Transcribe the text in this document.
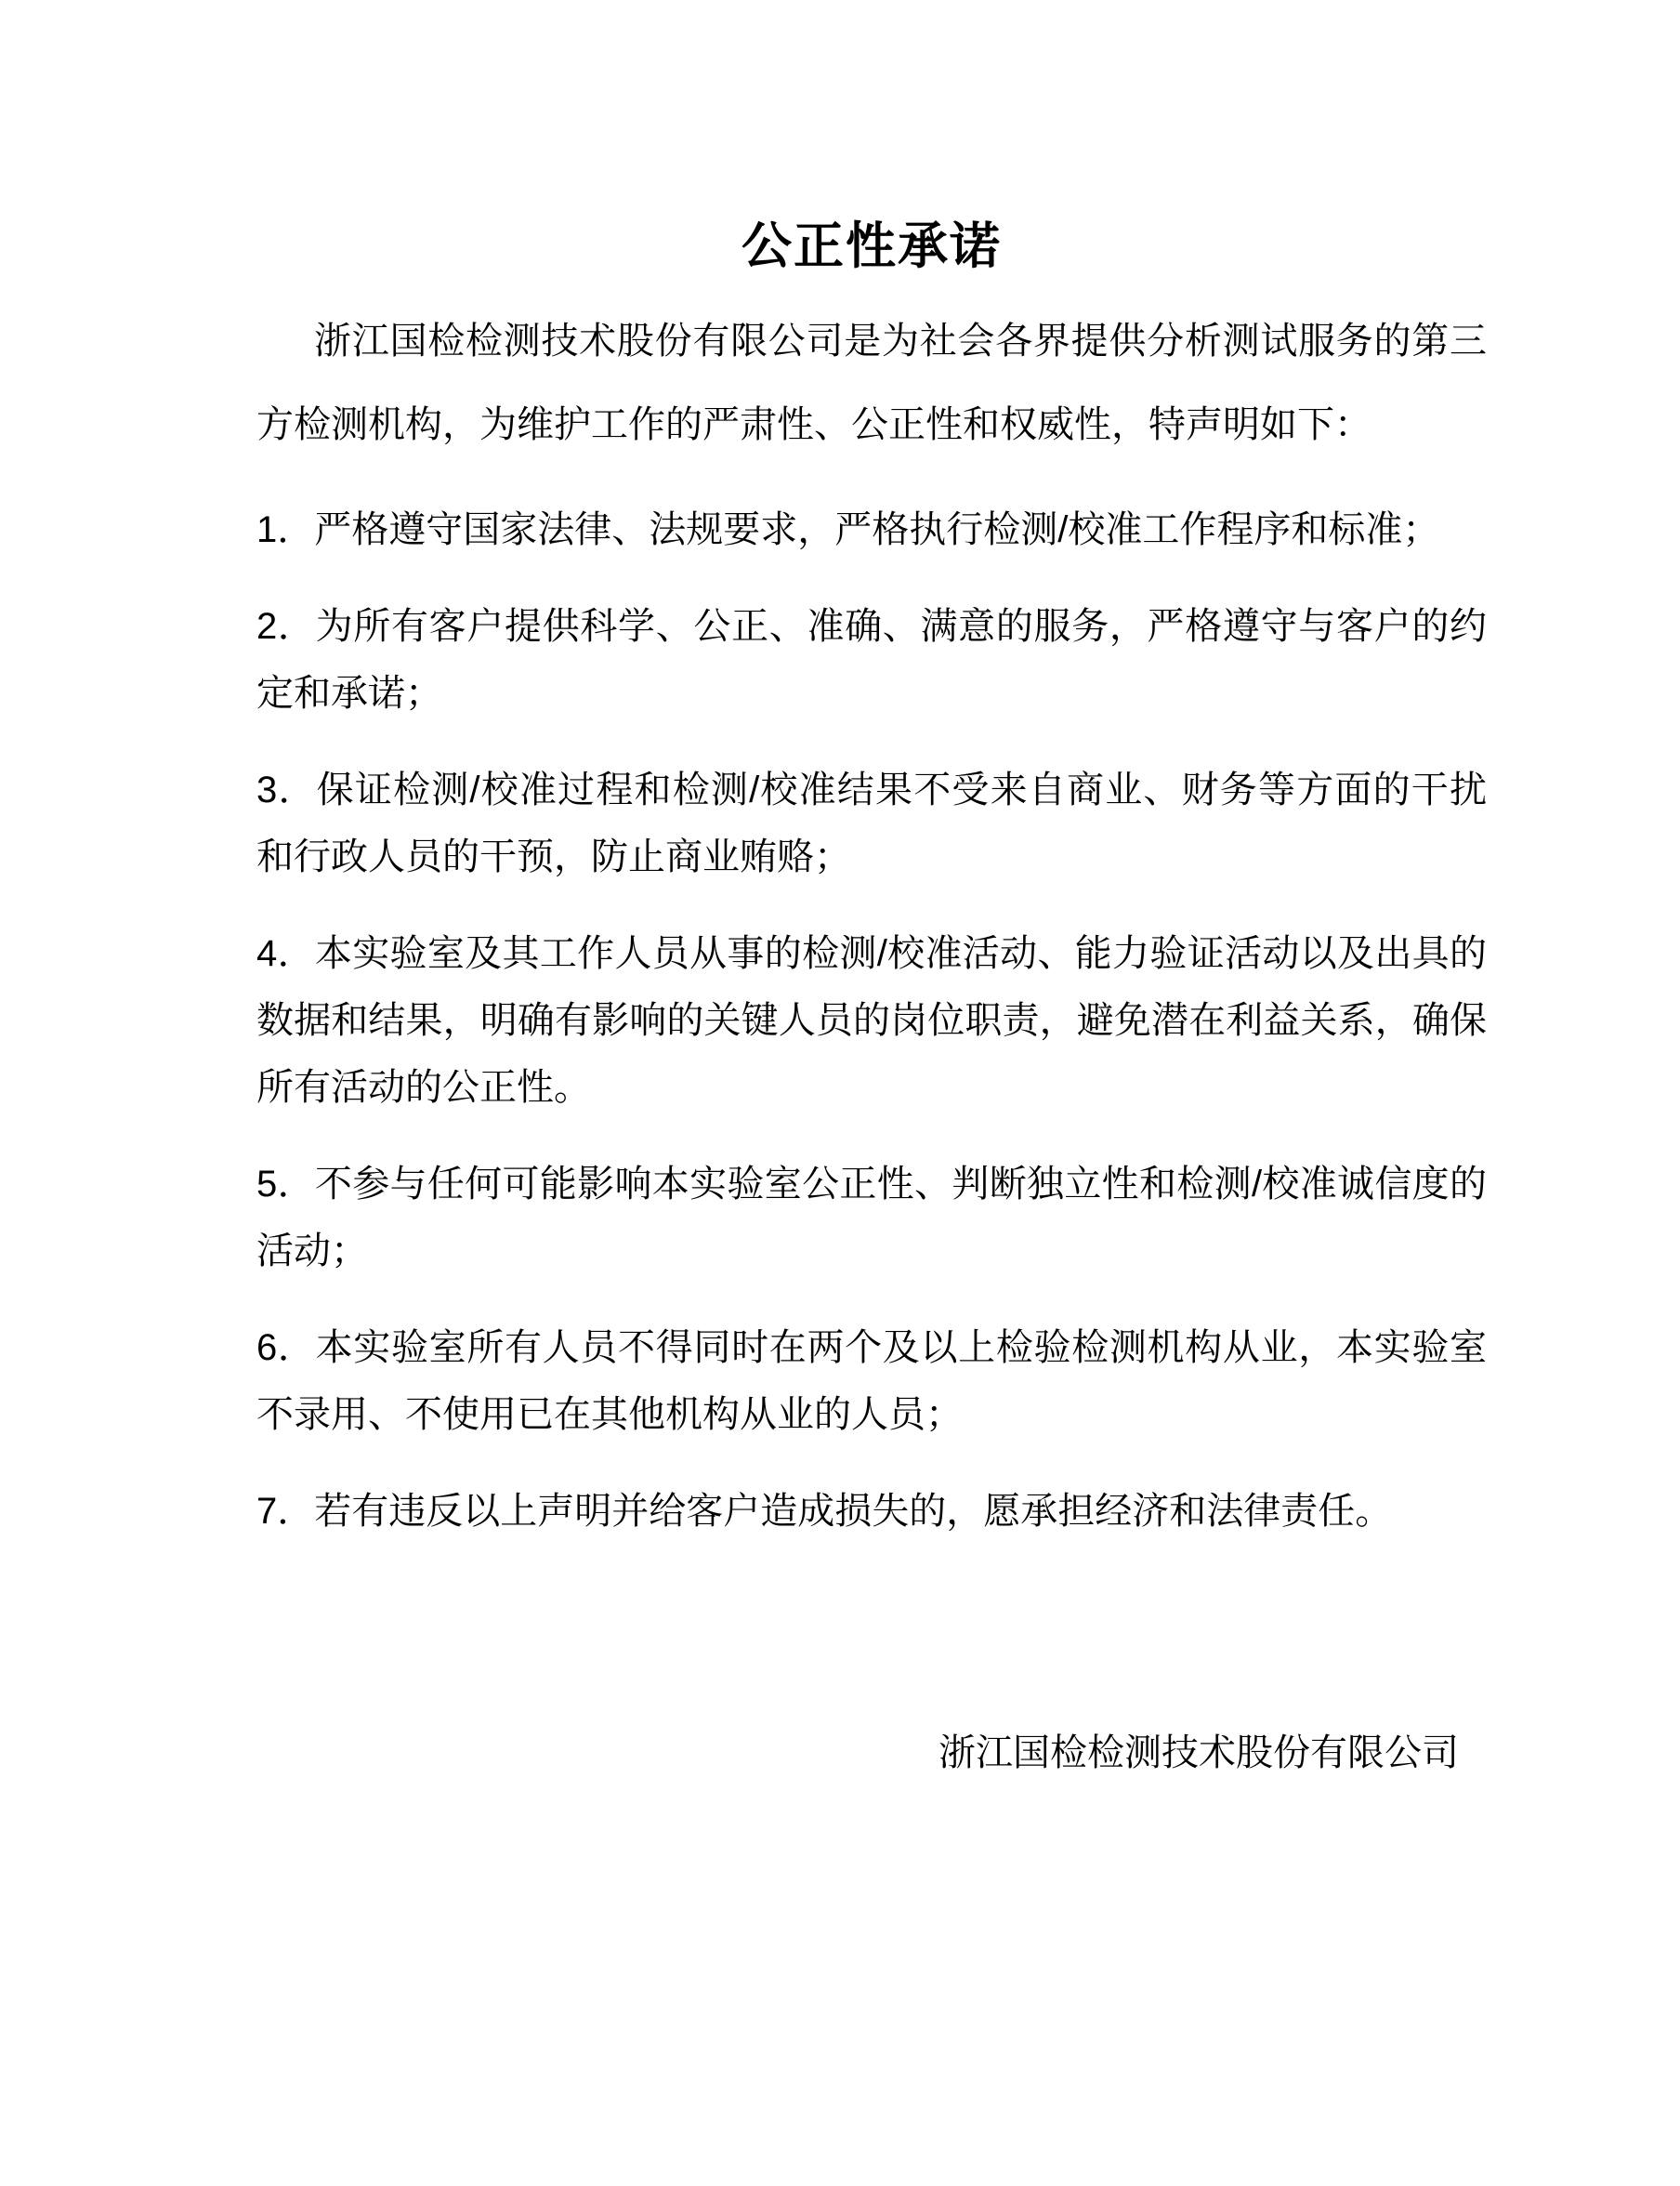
公正性承诺

浙江国检检测技术股份有限公司是为社会各界提供分析测试服务的第三方检测机构，为维护工作的严肃性、公正性和权威性，特声明如下：

1．严格遵守国家法律、法规要求，严格执行检测/校准工作程序和标准；

2．为所有客户提供科学、公正、准确、满意的服务，严格遵守与客户的约定和承诺；

3．保证检测/校准过程和检测/校准结果不受来自商业、财务等方面的干扰和行政人员的干预，防止商业贿赂；

4．本实验室及其工作人员从事的检测/校准活动、能力验证活动以及出具的数据和结果，明确有影响的关键人员的岗位职责，避免潜在利益关系，确保所有活动的公正性。

5．不参与任何可能影响本实验室公正性、判断独立性和检测/校准诚信度的活动；

6．本实验室所有人员不得同时在两个及以上检验检测机构从业，本实验室不录用、不使用已在其他机构从业的人员；

7．若有违反以上声明并给客户造成损失的，愿承担经济和法律责任。

浙江国检检测技术股份有限公司
